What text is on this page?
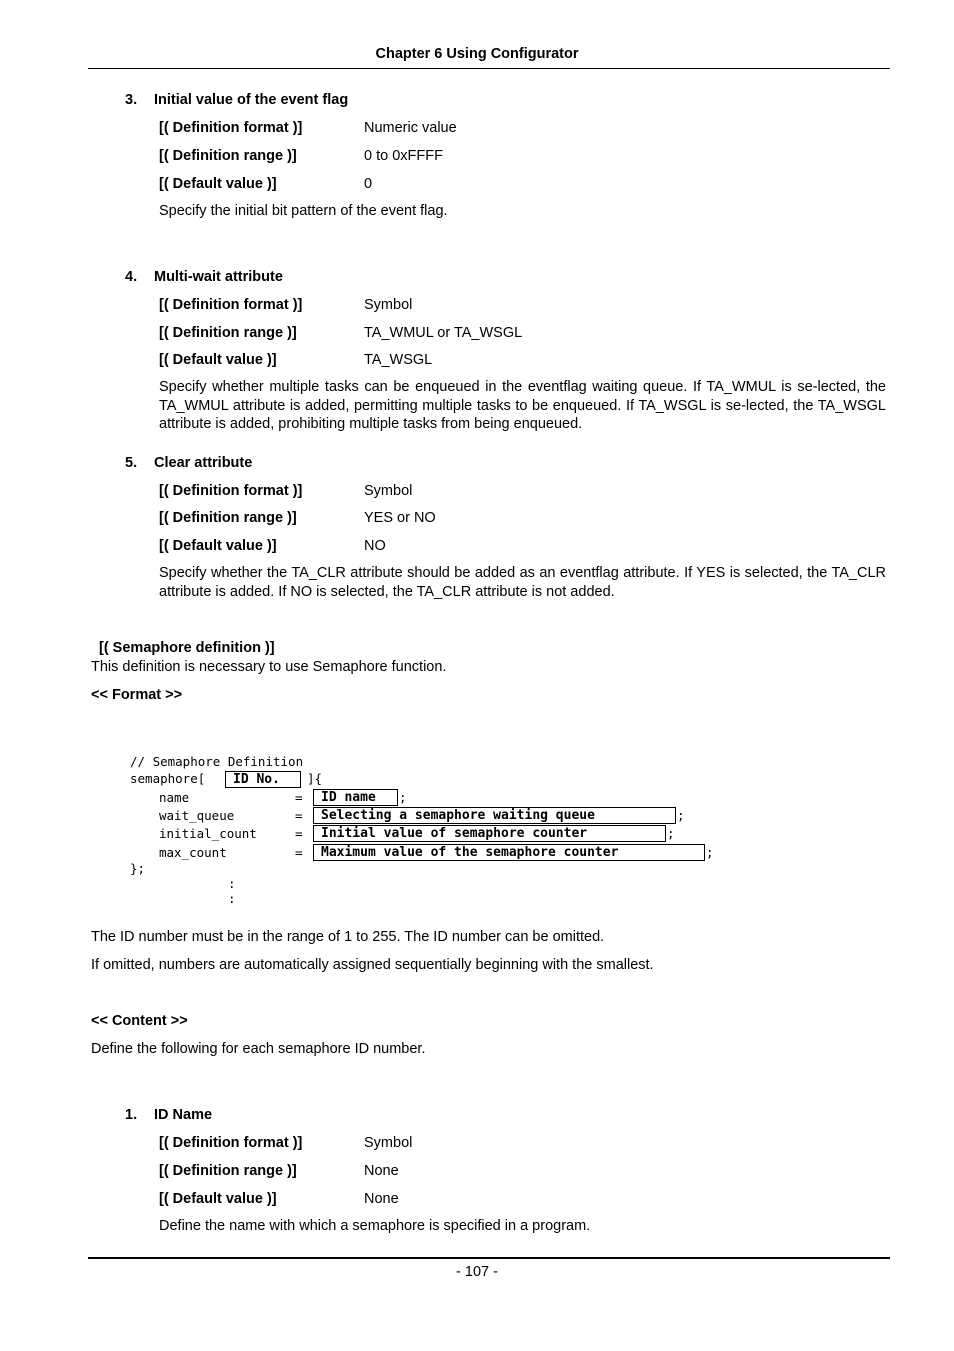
Chapter 6 Using Configurator
3. Initial value of the event flag
[( Definition format )]	Numeric value
[( Definition range )]	0 to 0xFFFF
[( Default value )]	0
Specify the initial bit pattern of the event flag.
4. Multi-wait attribute
[( Definition format )]	Symbol
[( Definition range )]	TA_WMUL or TA_WSGL
[( Default value )]	TA_WSGL
Specify whether multiple tasks can be enqueued in the eventflag waiting queue. If TA_WMUL is se-lected, the TA_WMUL attribute is added, permitting multiple tasks to be enqueued. If TA_WSGL is se-lected, the TA_WSGL attribute is added, prohibiting multiple tasks from being enqueued.
5. Clear attribute
[( Definition format )]	Symbol
[( Definition range )]	YES or NO
[( Default value )]	NO
Specify whether the TA_CLR attribute should be added as an eventflag attribute. If YES is selected, the TA_CLR attribute is added. If NO is selected, the TA_CLR attribute is not added.
[( Semaphore definition )]
This definition is necessary to use Semaphore function.
<< Format >>
// Semaphore Definition
semaphore[	ID No.	]{
name	=	ID name	;
wait_queue	=	Selecting a semaphore waiting queue	;
initial_count	=	Initial value of semaphore counter	;
max_count	=	Maximum value of the semaphore counter	;
};
:
:
The ID number must be in the range of 1 to 255. The ID number can be omitted.
If omitted, numbers are automatically assigned sequentially beginning with the smallest.
<< Content >>
Define the following for each semaphore ID number.
1. ID Name
[( Definition format )]	Symbol
[( Definition range )]	None
[( Default value )]	None
Define the name with which a semaphore is specified in a program.
- 107 -
